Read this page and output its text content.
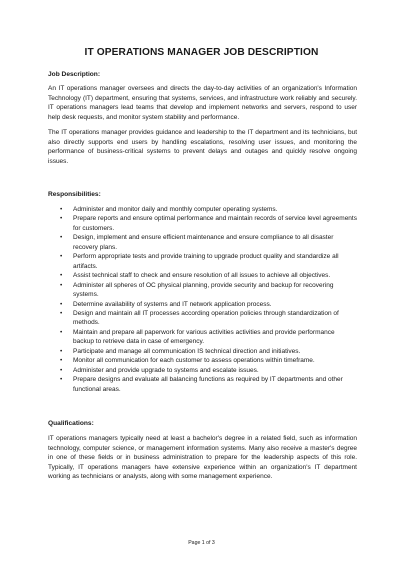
IT OPERATIONS MANAGER JOB DESCRIPTION
Job Description:

An IT operations manager oversees and directs the day-to-day activities of an organization's Information Technology (IT) department, ensuring that systems, services, and infrastructure work reliably and securely. IT operations managers lead teams that develop and implement networks and servers, respond to user help desk requests, and monitor system stability and performance.

The IT operations manager provides guidance and leadership to the IT department and its technicians, but also directly supports end users by handling escalations, resolving user issues, and monitoring the performance of business-critical systems to prevent delays and outages and quickly resolve ongoing issues.

Responsibilities:
• Administer and monitor daily and monthly computer operating systems.
• Prepare reports and ensure optimal performance and maintain records of service level agreements for customers.
• Design, implement and ensure efficient maintenance and ensure compliance to all disaster recovery plans.
• Perform appropriate tests and provide training to upgrade product quality and standardize all artifacts.
• Assist technical staff to check and ensure resolution of all issues to achieve all objectives.
• Administer all spheres of OC physical planning, provide security and backup for recovering systems.
• Determine availability of systems and IT network application process.
• Design and maintain all IT processes according operation policies through standardization of methods.
• Maintain and prepare all paperwork for various activities activities and provide performance backup to retrieve data in case of emergency.
• Participate and manage all communication IS technical direction and initiatives.
• Monitor all communication for each customer to assess operations within timeframe.
• Administer and provide upgrade to systems and escalate issues.
• Prepare designs and evaluate all balancing functions as required by IT departments and other functional areas.
Qualifications:

IT operations managers typically need at least a bachelor's degree in a related field, such as information technology, computer science, or management information systems. Many also receive a master's degree in one of these fields or in business administration to prepare for the leadership aspects of this role. Typically, IT operations managers have extensive experience within an organization's IT department working as technicians or analysts, along with some management experience.

Page 1 of 3
